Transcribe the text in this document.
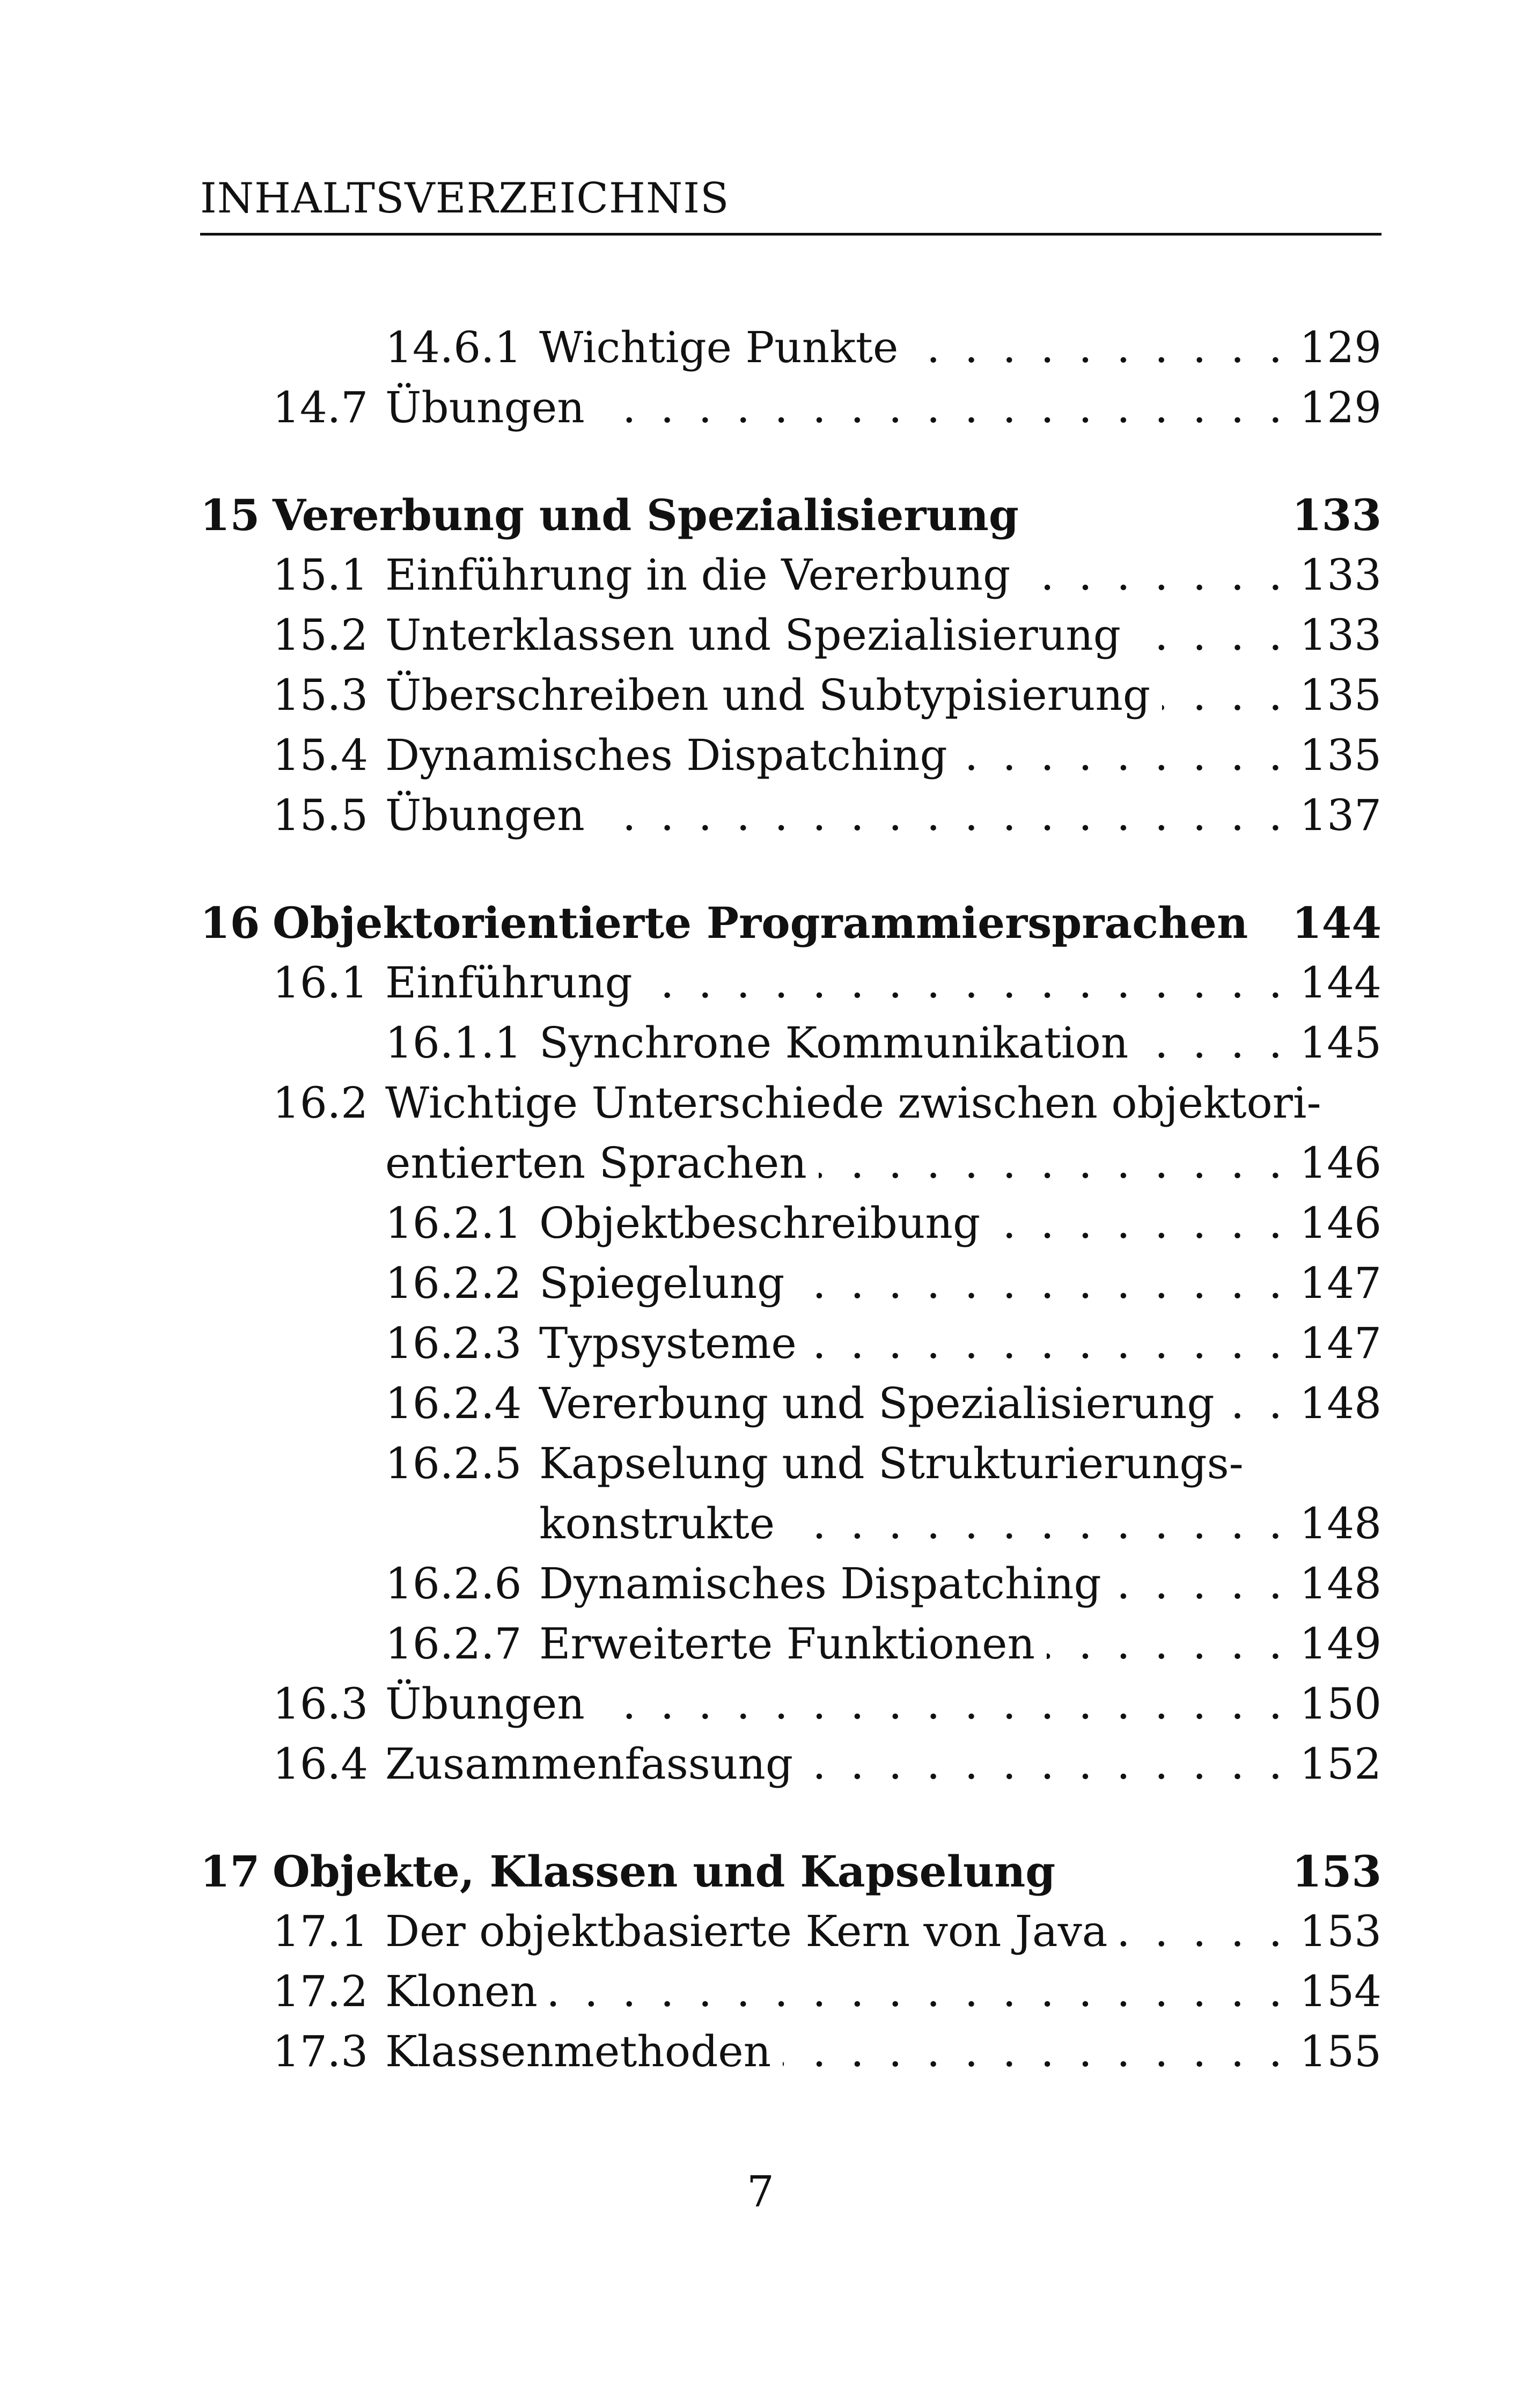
INHALTSVERZEICHNIS
14.6.1 Wichtige Punkte . . .	129
14.7 Übungen . . .	129
15 Vererbung und Spezialisierung	133
15.1 Einführung in die Vererbung . . .	133
15.2 Unterklassen und Spezialisierung . . .	133
15.3 Überschreiben und Subtypisierung . . .	135
15.4 Dynamisches Dispatching . . .	135
15.5 Übungen . . .	137
16 Objektorientierte Programmiersprachen 144
16.1 Einführung . . .	144
16.1.1 Synchrone Kommunikation . . .	145
16.2 Wichtige Unterschiede zwischen objektori-
entierten Sprachen . . .	146
16.2.1 Objektbeschreibung . . .	146
16.2.2 Spiegelung . . .	147
16.2.3 Typsysteme . . .	147
16.2.4 Vererbung und Spezialisierung . . . 148
16.2.5 Kapselung und Strukturierungs-
konstrukte . . .	148
16.2.6 Dynamisches Dispatching . . .	148
16.2.7 Erweiterte Funktionen . . .	149
16.3 Übungen . . .	150
16.4 Zusammenfassung . . .	152
17 Objekte, Klassen und Kapselung	153
17.1 Der objektbasierte Kern von Java . . .	153
17.2 Klonen . . .	154
17.3 Klassenmethoden . . .	155
7
